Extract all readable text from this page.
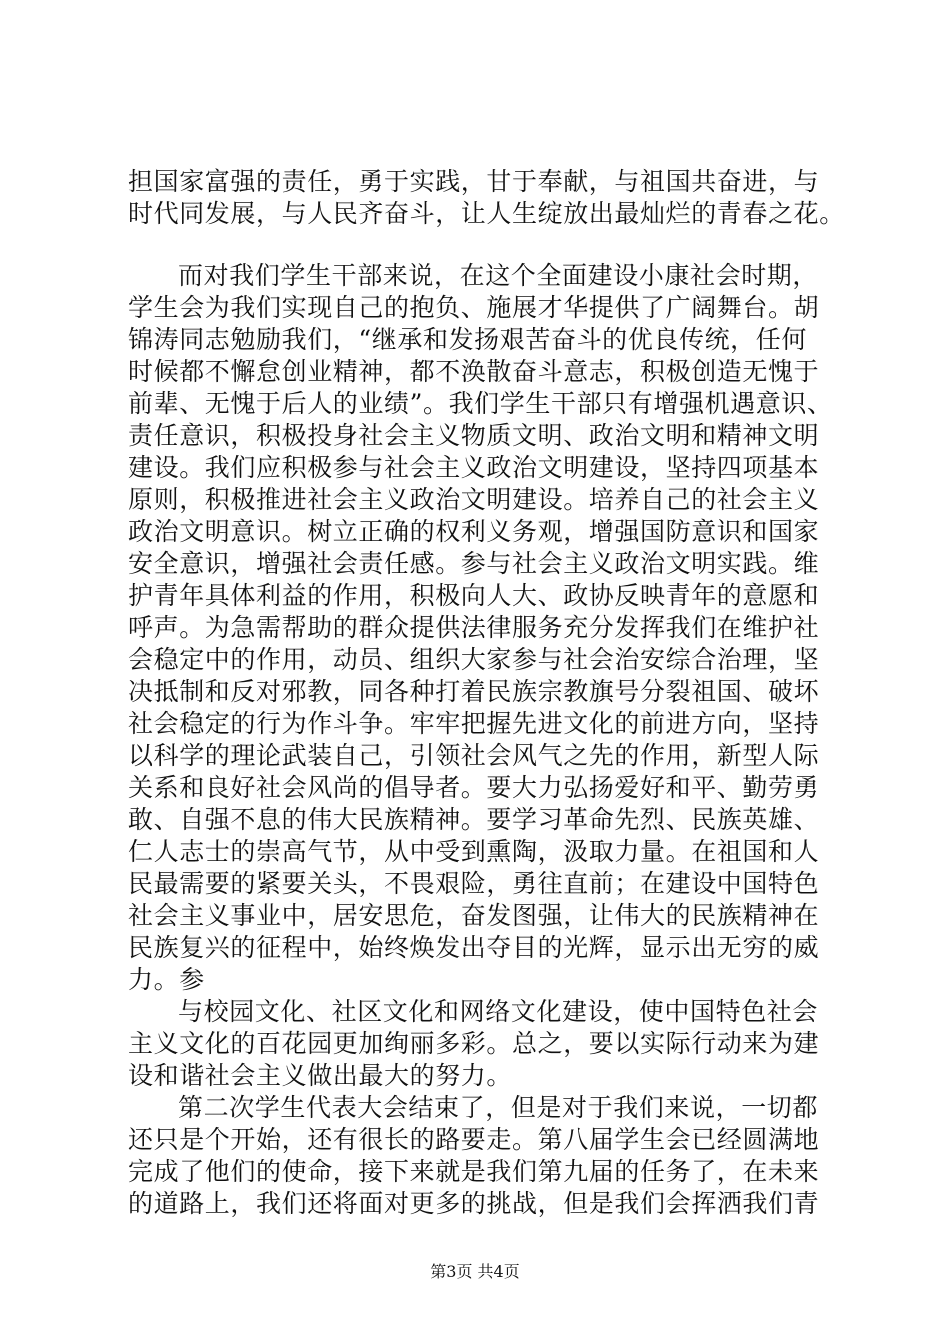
担国家富强的责任，勇于实践，甘于奉献，与祖国共奋进，与
时代同发展，与人民齐奋斗，让人生绽放出最灿烂的青春之花。
而对我们学生干部来说，在这个全面建设小康社会时期，
学生会为我们实现自己的抱负、施展才华提供了广阔舞台。胡
锦涛同志勉励我们，“继承和发扬艰苦奋斗的优良传统，任何
时候都不懈怠创业精神，都不涣散奋斗意志，积极创造无愧于
前辈、无愧于后人的业绩”。我们学生干部只有增强机遇意识、
责任意识，积极投身社会主义物质文明、政治文明和精神文明
建设。我们应积极参与社会主义政治文明建设，坚持四项基本
原则，积极推进社会主义政治文明建设。培养自己的社会主义
政治文明意识。树立正确的权利义务观，增强国防意识和国家
安全意识，增强社会责任感。参与社会主义政治文明实践。维
护青年具体利益的作用，积极向人大、政协反映青年的意愿和
呼声。为急需帮助的群众提供法律服务充分发挥我们在维护社
会稳定中的作用，动员、组织大家参与社会治安综合治理，坚
决抵制和反对邪教，同各种打着民族宗教旗号分裂祖国、破坏
社会稳定的行为作斗争。牢牢把握先进文化的前进方向，坚持
以科学的理论武装自己，引领社会风气之先的作用，新型人际
关系和良好社会风尚的倡导者。要大力弘扬爱好和平、勤劳勇
敢、自强不息的伟大民族精神。要学习革命先烈、民族英雄、
仁人志士的崇高气节，从中受到熏陶，汲取力量。在祖国和人
民最需要的紧要关头，不畏艰险，勇往直前；在建设中国特色
社会主义事业中，居安思危，奋发图强，让伟大的民族精神在
民族复兴的征程中，始终焕发出夺目的光辉，显示出无穷的威
力。参
与校园文化、社区文化和网络文化建设，使中国特色社会
主义文化的百花园更加绚丽多彩。总之，要以实际行动来为建
设和谐社会主义做出最大的努力。
第二次学生代表大会结束了，但是对于我们来说，一切都
还只是个开始，还有很长的路要走。第八届学生会已经圆满地
完成了他们的使命，接下来就是我们第九届的任务了，在未来
的道路上，我们还将面对更多的挑战，但是我们会挥洒我们青
第3页 共4页
